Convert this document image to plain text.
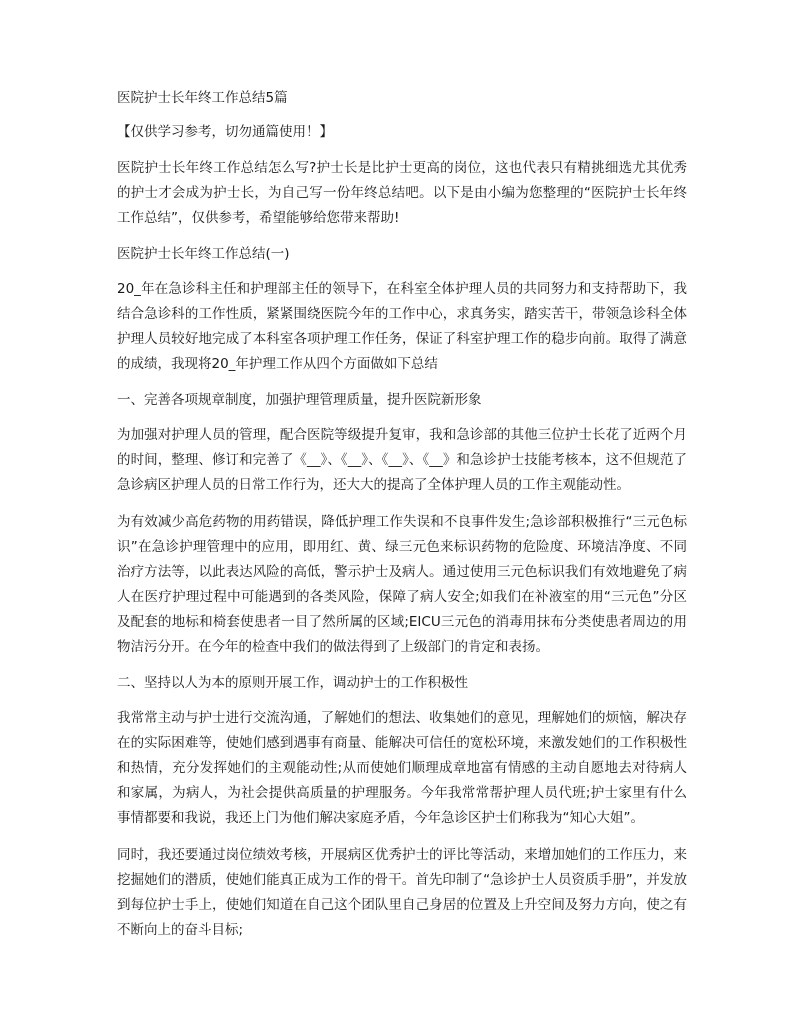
医院护士长年终工作总结5篇
【仅供学习参考，切勿通篇使用！】
医院护士长年终工作总结怎么写?护士长是比护士更高的岗位，这也代表只有精挑细选尤其优秀的护士才会成为护士长，为自己写一份年终总结吧。以下是由小编为您整理的“医院护士长年终工作总结”，仅供参考，希望能够给您带来帮助!
医院护士长年终工作总结(一)
20_年在急诊科主任和护理部主任的领导下，在科室全体护理人员的共同努力和支持帮助下，我结合急诊科的工作性质，紧紧围绕医院今年的工作中心，求真务实，踏实苦干，带领急诊科全体护理人员较好地完成了本科室各项护理工作任务，保证了科室护理工作的稳步向前。取得了满意的成绩，我现将20_年护理工作从四个方面做如下总结
一、完善各项规章制度，加强护理管理质量，提升医院新形象
为加强对护理人员的管理，配合医院等级提升复审，我和急诊部的其他三位护士长花了近两个月的时间，整理、修订和完善了《__》、《__》、《__》、《__》和急诊护士技能考核本，这不但规范了急诊病区护理人员的日常工作行为，还大大的提高了全体护理人员的工作主观能动性。
为有效减少高危药物的用药错误，降低护理工作失误和不良事件发生;急诊部积极推行“三元色标识”在急诊护理管理中的应用，即用红、黄、绿三元色来标识药物的危险度、环境洁净度、不同治疗方法等，以此表达风险的高低，警示护士及病人。通过使用三元色标识我们有效地避免了病人在医疗护理过程中可能遇到的各类风险，保障了病人安全;如我们在补液室的用“三元色”分区及配套的地标和椅套使患者一目了然所属的区域;EICU三元色的消毒用抹布分类使患者周边的用物洁污分开。在今年的检查中我们的做法得到了上级部门的肯定和表扬。
二、坚持以人为本的原则开展工作，调动护士的工作积极性
我常常主动与护士进行交流沟通，了解她们的想法、收集她们的意见，理解她们的烦恼，解决存在的实际困难等，使她们感到遇事有商量、能解决可信任的宽松环境，来激发她们的工作积极性和热情，充分发挥她们的主观能动性;从而使她们顺理成章地富有情感的主动自愿地去对待病人和家属，为病人，为社会提供高质量的护理服务。今年我常常帮护理人员代班;护士家里有什么事情都要和我说，我还上门为他们解决家庭矛盾，今年急诊区护士们称我为“知心大姐”。
同时，我还要通过岗位绩效考核，开展病区优秀护士的评比等活动，来增加她们的工作压力，来挖掘她们的潜质，使她们能真正成为工作的骨干。首先印制了“急诊护士人员资质手册”，并发放到每位护士手上，使她们知道在自己这个团队里自己身居的位置及上升空间及努力方向，使之有不断向上的奋斗目标;
